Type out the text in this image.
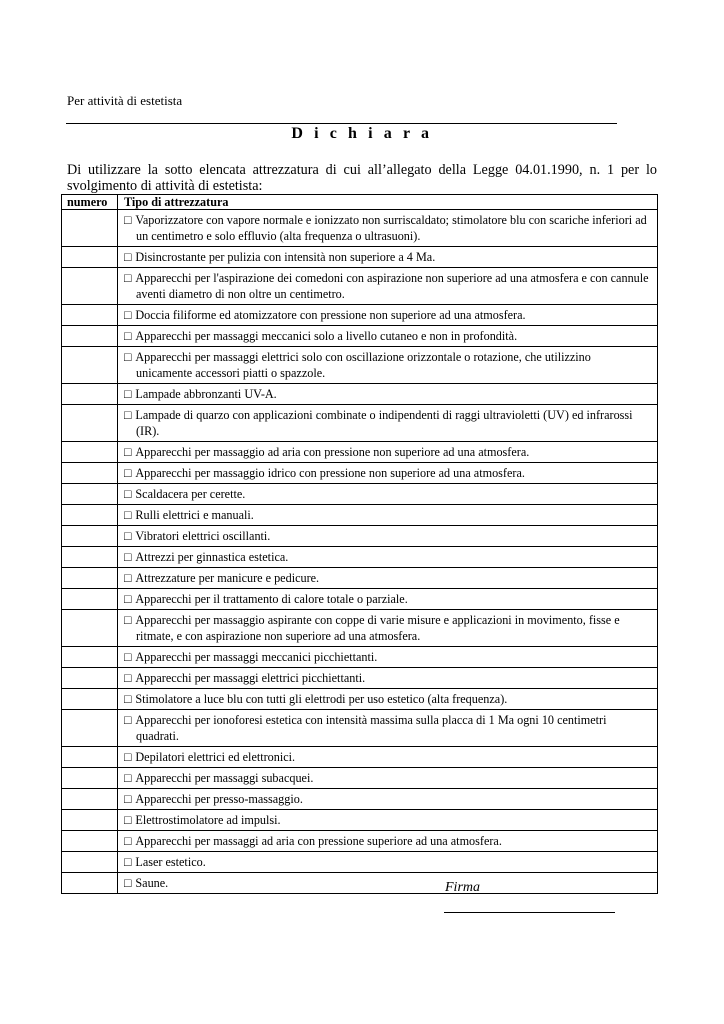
Per attività di estetista
D i c h i a r a
Di utilizzare la sotto elencata attrezzatura di cui all’allegato della Legge 04.01.1990, n. 1 per lo svolgimento di attività di estetista:
numero	Tipo di attrezzatura
	□ Vaporizzatore con vapore normale e ionizzato non surriscaldato; stimolatore blu con scariche inferiori ad un centimetro e solo effluvio (alta frequenza o ultrasuoni).
	□ Disincrostante per pulizia con intensità non superiore a 4 Ma.
	□ Apparecchi per l'aspirazione dei comedoni con aspirazione non superiore ad una atmosfera e con cannule aventi diametro di non oltre un centimetro.
	□ Doccia filiforme ed atomizzatore con pressione non superiore ad una atmosfera.
	□ Apparecchi per massaggi meccanici solo a livello cutaneo e non in profondità.
	□ Apparecchi per massaggi elettrici solo con oscillazione orizzontale o rotazione, che utilizzino unicamente accessori piatti o spazzole.
	□ Lampade abbronzanti UV-A.
	□ Lampade di quarzo con applicazioni combinate o indipendenti di raggi ultravioletti (UV) ed infrarossi (IR).
	□ Apparecchi per massaggio ad aria con pressione non superiore ad una atmosfera.
	□ Apparecchi per massaggio idrico con pressione non superiore ad una atmosfera.
	□ Scaldacera per cerette.
	□ Rulli elettrici e manuali.
	□ Vibratori elettrici oscillanti.
	□ Attrezzi per ginnastica estetica.
	□ Attrezzature per manicure e pedicure.
	□ Apparecchi per il trattamento di calore totale o parziale.
	□ Apparecchi per massaggio aspirante con coppe di varie misure e applicazioni in movimento, fisse e ritmate, e con aspirazione non superiore ad una atmosfera.
	□ Apparecchi per massaggi meccanici picchiettanti.
	□ Apparecchi per massaggi elettrici picchiettanti.
	□ Stimolatore a luce blu con tutti gli elettrodi per uso estetico (alta frequenza).
	□ Apparecchi per ionoforesi estetica con intensità massima sulla placca di 1 Ma ogni 10 centimetri quadrati.
	□ Depilatori elettrici ed elettronici.
	□ Apparecchi per massaggi subacquei.
	□ Apparecchi per presso-massaggio.
	□ Elettrostimolatore ad impulsi.
	□ Apparecchi per massaggi ad aria con pressione superiore ad una atmosfera.
	□ Laser estetico.
	□ Saune.	Firma
